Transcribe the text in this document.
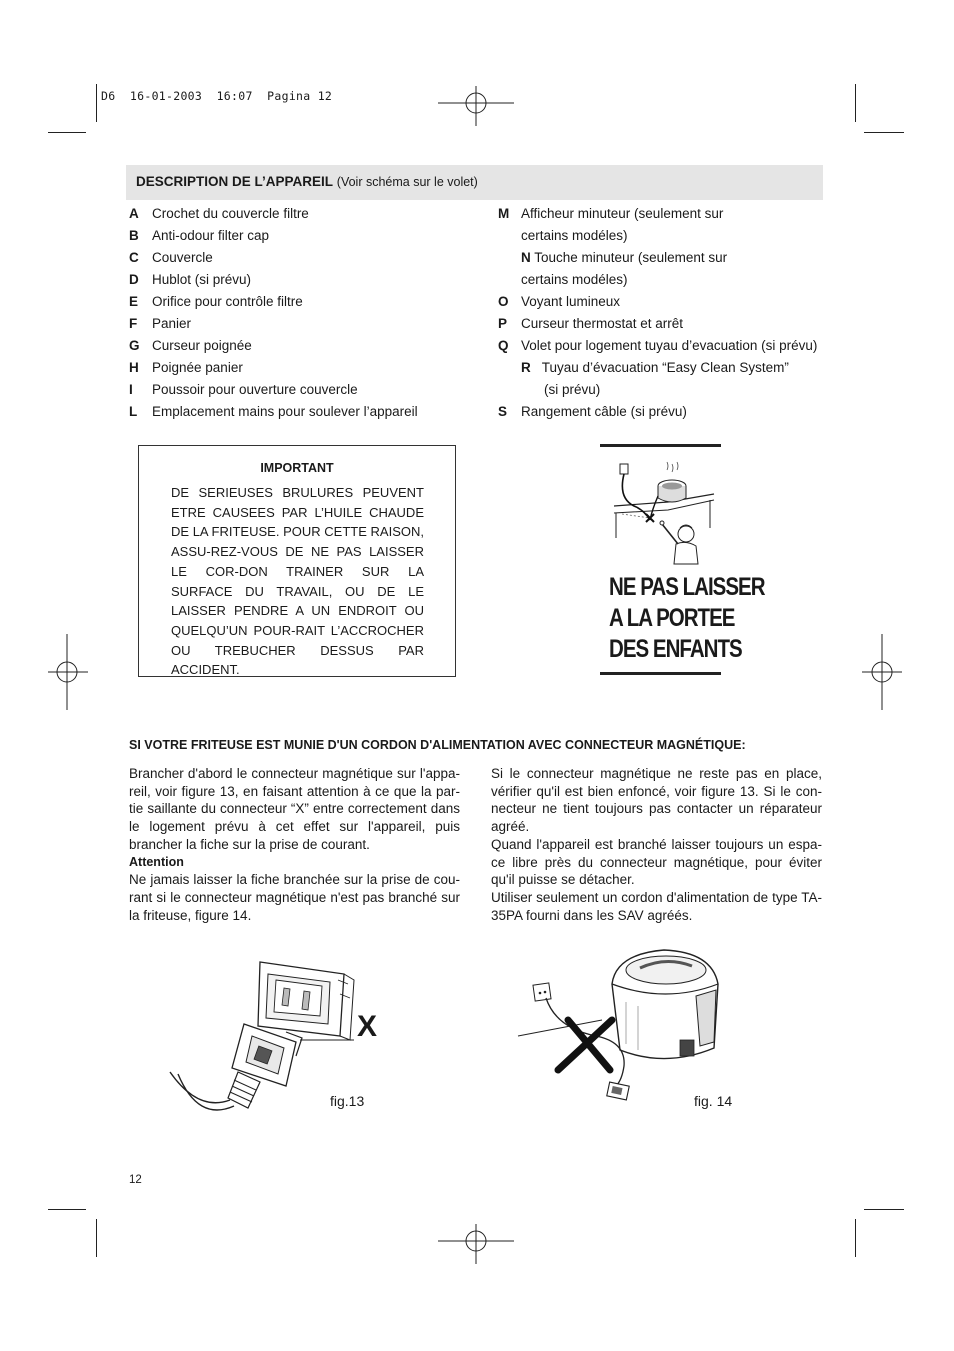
D6  16-01-2003  16:07  Pagina 12
DESCRIPTION DE L’APPAREIL (Voir schéma sur le volet)
A Crochet du couvercle filtre
B Anti-odour filter cap
C Couvercle
D Hublot (si prévu)
E	Orifice pour contrôle filtre
F	Panier
G Curseur poignée
H Poignée panier
I	Poussoir pour ouverture couvercle
L	Emplacement mains pour soulever l’appareil
M Afficheur minuteur (seulement sur
certains modéles)
N Touche minuteur (seulement sur
certains modéles)
O Voyant lumineux
P	Curseur thermostat et arrêt
Q Volet pour logement tuyau d’evacuation (si prévu)
R Tuyau d’évacuation “Easy Clean System”
(si prévu)
S	Rangement câble (si prévu)
IMPORTANT
DE SERIEUSES BRULURES PEUVENT ETRE CAUSEES PAR L’HUILE CHAUDE DE LA FRITEUSE. POUR CETTE RAISON, ASSU-REZ-VOUS DE NE PAS LAISSER LE COR-DON TRAINER SUR LA SURFACE DU TRAVAIL, OU DE LE LAISSER PENDRE A UN ENDROIT OU QUELQU’UN POUR-RAIT L’ACCROCHER OU TREBUCHER DESSUS PAR ACCIDENT.
NE PAS LAISSER
A LA PORTEE
DES ENFANTS
SI VOTRE FRITEUSE EST MUNIE D'UN CORDON D'ALIMENTATION AVEC CONNECTEUR MAGNÉTIQUE:

Brancher d'abord le connecteur magnétique sur l'appa-reil, voir figure 13, en faisant attention à ce que la par-tie saillante du connecteur “X” entre correctement dans le logement prévu à cet effet sur l'appareil, puis brancher la fiche sur la prise de courant.

Attention

Ne jamais laisser la fiche branchée sur la prise de cou-rant si le connecteur magnétique n'est pas branché sur la friteuse, figure 14.

Si le connecteur magnétique ne reste pas en place, vérifier qu'il est bien enfoncé, voir figure 13. Si le con-necteur ne tient toujours pas contacter un réparateur agréé.

Quand l'appareil est branché laisser toujours un espa-ce libre près du connecteur magnétique, pour éviter qu'il puisse se détacher.

Utiliser seulement un cordon d'alimentation de type TA-35PA fourni dans les SAV agréés.

X
fig.13	fig. 14
12
